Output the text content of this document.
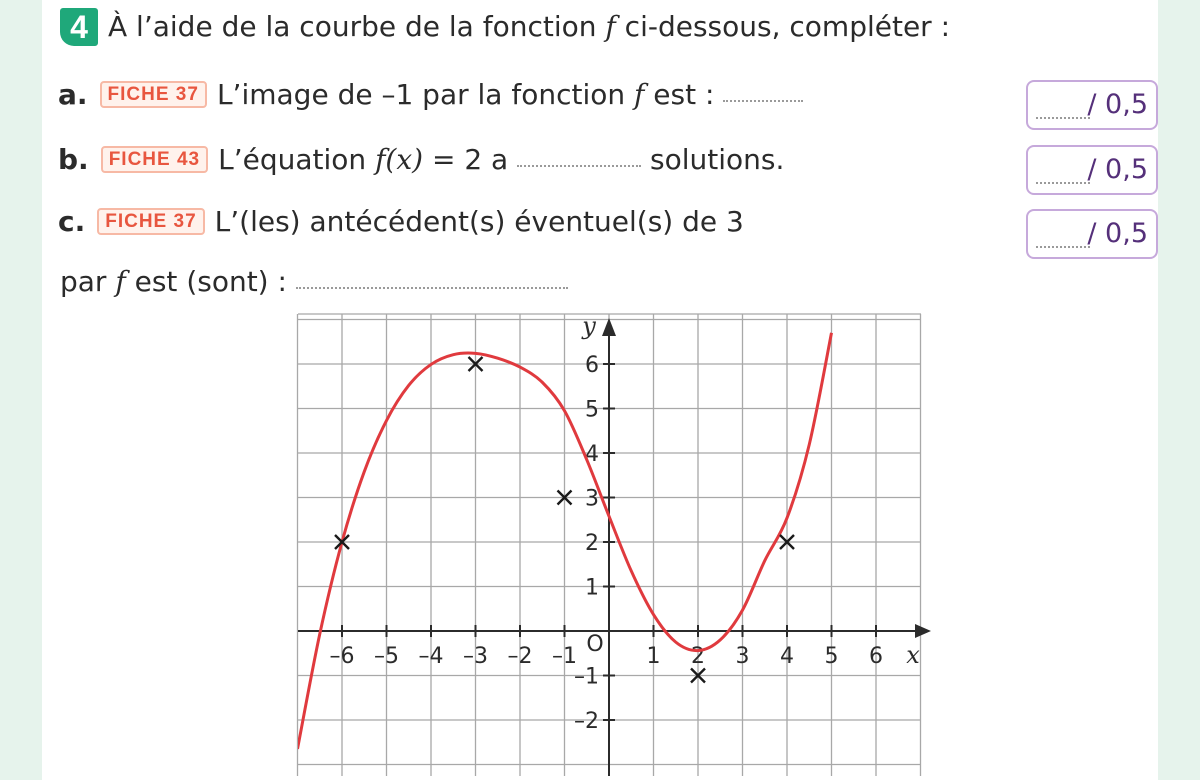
4 À l’aide de la courbe de la fonction f ci-dessous, compléter :
a. FICHE 37 L’image de –1 par la fonction f est :
b. FICHE 43 L’équation f(x) = 2 a	solutions.
c. FICHE 37 L’(les) antécédent(s) éventuel(s) de 3
par f est (sont) :
/ 0,5
/ 0,5
/ 0,5
–6 –5 –4 –3 –2 –1	1 2 3 4 5 6
6
5
4
3
2
1
–1
–2
x
y
O
